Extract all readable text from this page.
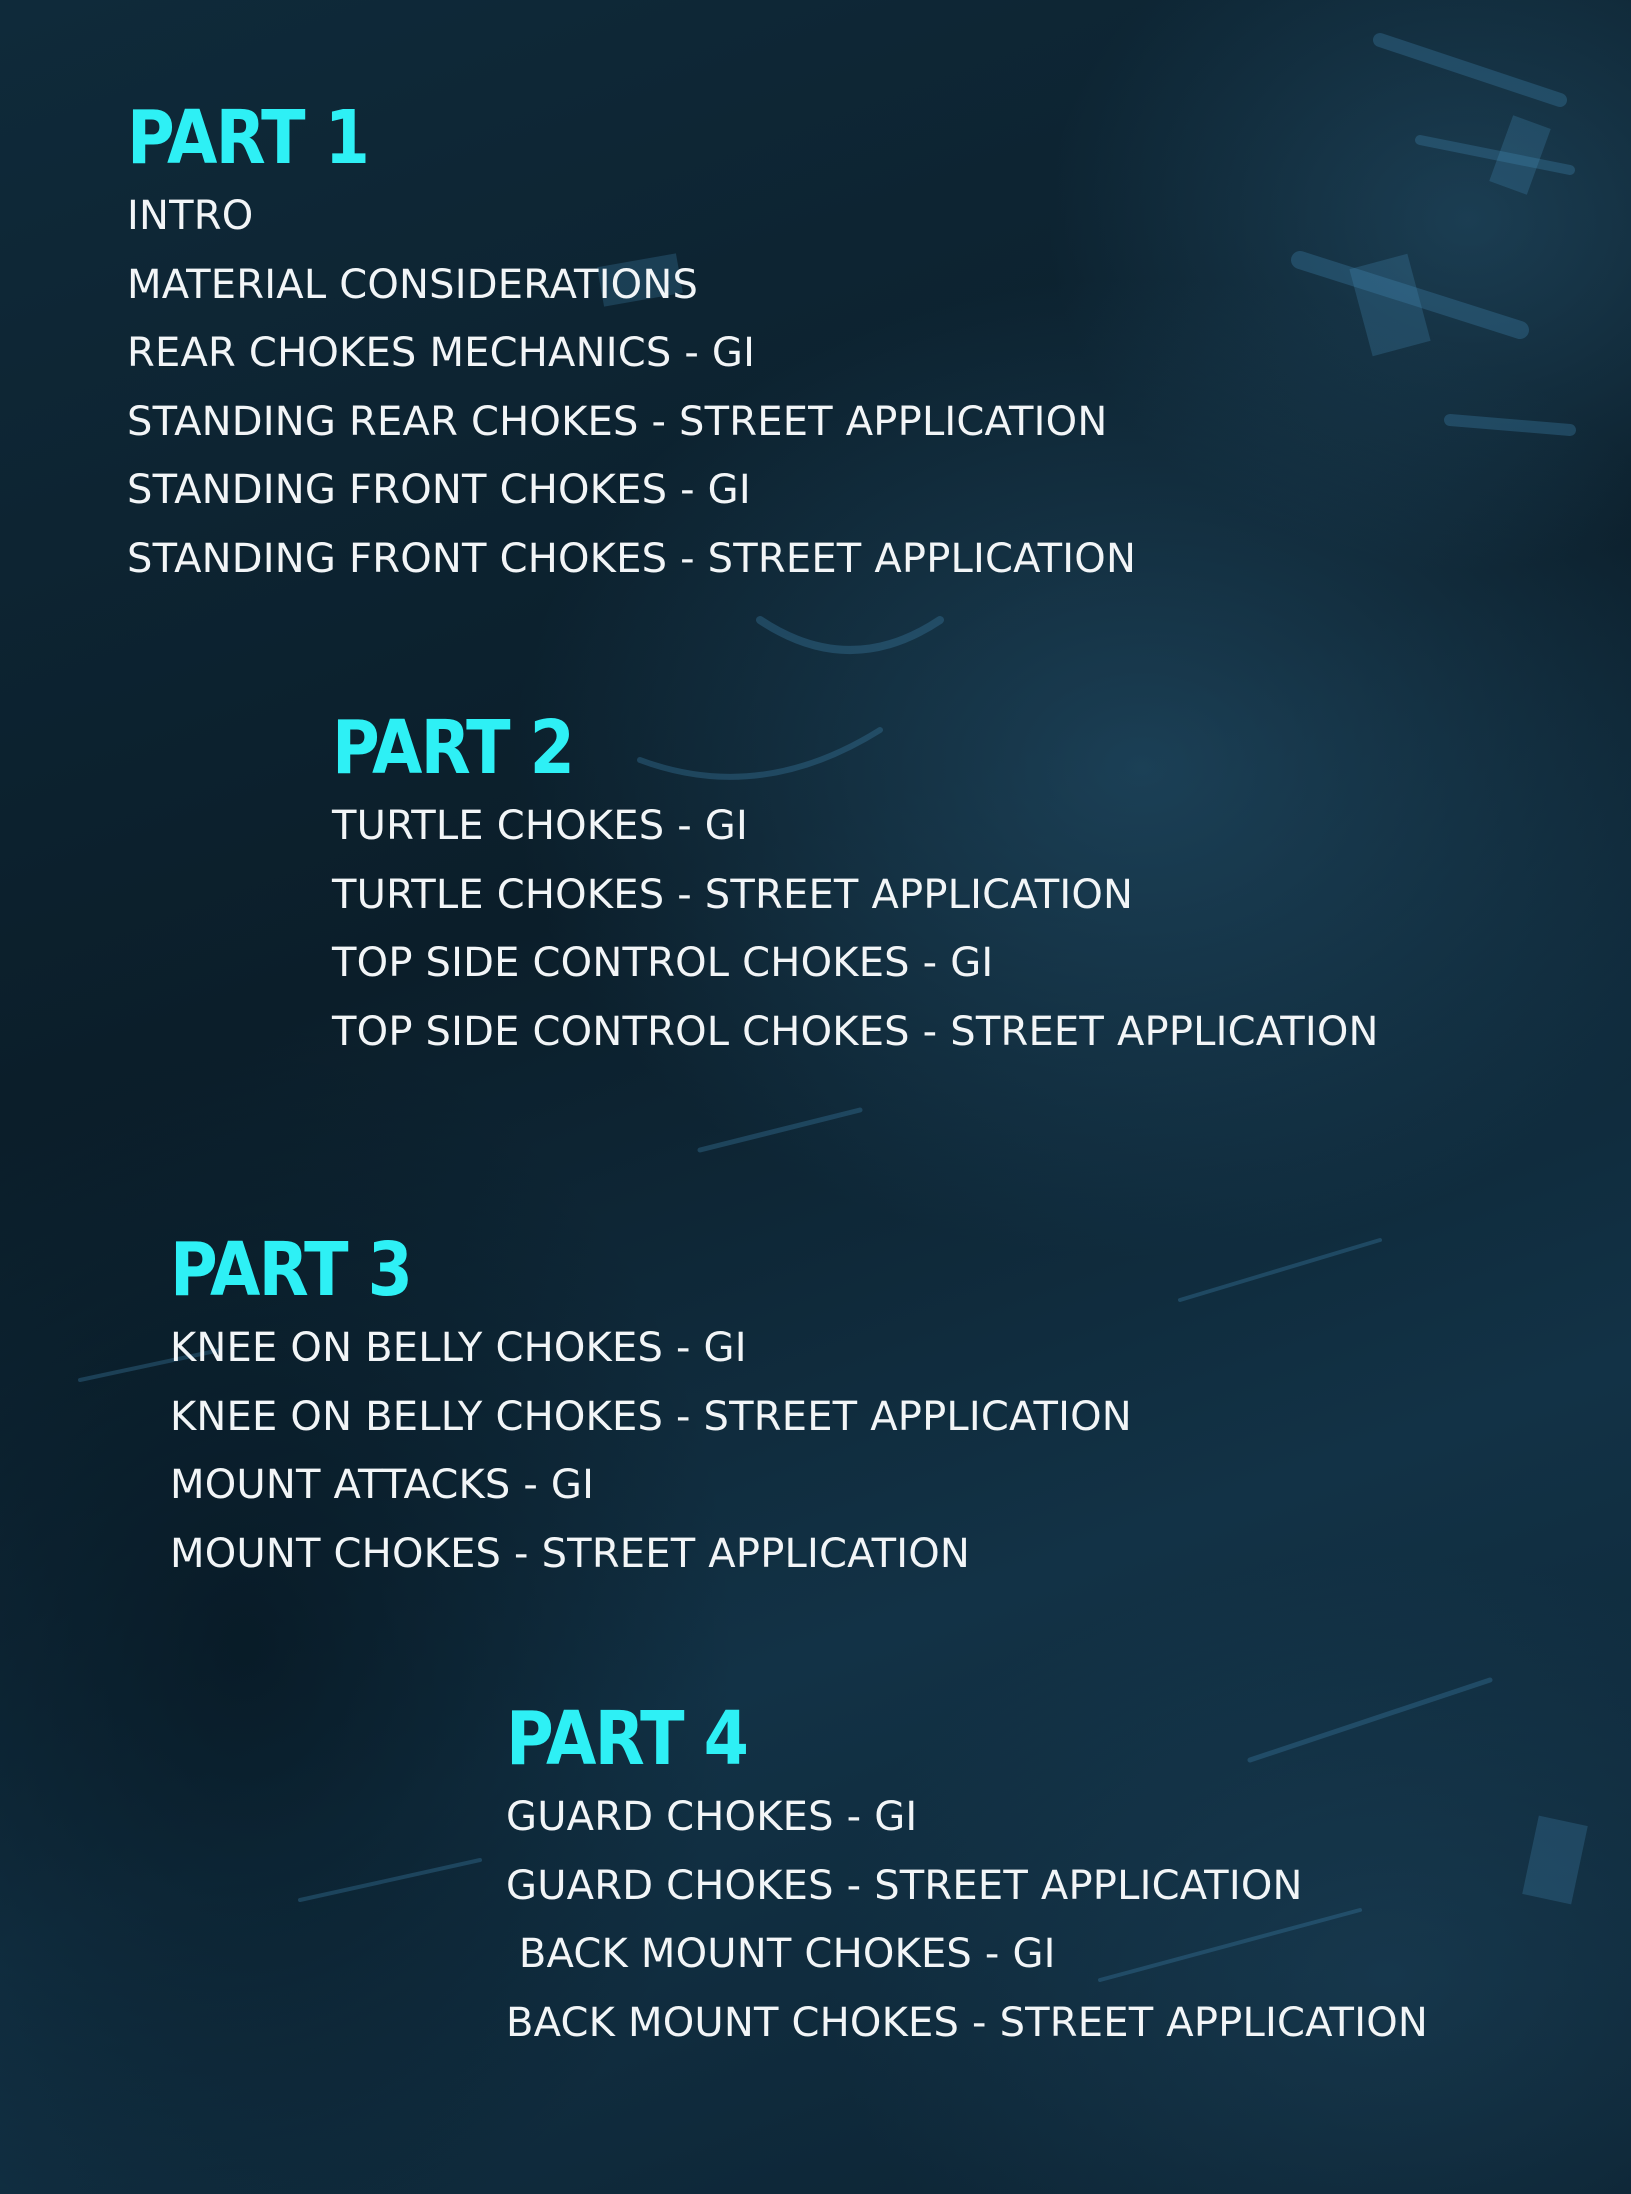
PART 1
INTRO
MATERIAL CONSIDERATIONS
REAR CHOKES MECHANICS - GI
STANDING REAR CHOKES - STREET APPLICATION
STANDING FRONT CHOKES - GI
STANDING FRONT CHOKES - STREET APPLICATION
PART 2
TURTLE CHOKES - GI
TURTLE CHOKES - STREET APPLICATION
TOP SIDE CONTROL CHOKES - GI
TOP SIDE CONTROL CHOKES - STREET APPLICATION
PART 3
KNEE ON BELLY CHOKES - GI
KNEE ON BELLY CHOKES - STREET APPLICATION
MOUNT ATTACKS - GI
MOUNT CHOKES - STREET APPLICATION
PART 4
GUARD CHOKES - GI
GUARD CHOKES - STREET APPLICATION
BACK MOUNT CHOKES - GI
BACK MOUNT CHOKES - STREET APPLICATION
